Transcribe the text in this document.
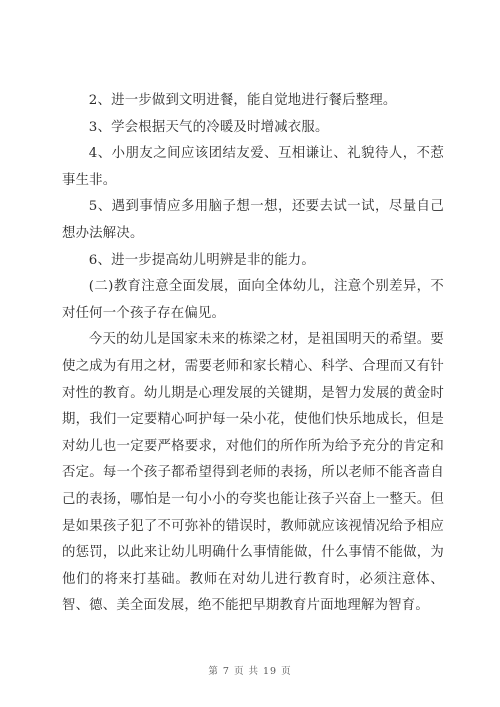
2、进一步做到文明进餐，能自觉地进行餐后整理。

3、学会根据天气的冷暖及时增减衣服。

4、小朋友之间应该团结友爱、互相谦让、礼貌待人，不惹事生非。

5、遇到事情应多用脑子想一想，还要去试一试，尽量自己想办法解决。

6、进一步提高幼儿明辨是非的能力。

(二)教育注意全面发展，面向全体幼儿，注意个别差异，不对任何一个孩子存在偏见。

今天的幼儿是国家未来的栋梁之材，是祖国明天的希望。要使之成为有用之材，需要老师和家长精心、科学、合理而又有针对性的教育。幼儿期是心理发展的关键期，是智力发展的黄金时期，我们一定要精心呵护每一朵小花，使他们快乐地成长，但是对幼儿也一定要严格要求，对他们的所作所为给予充分的肯定和否定。每一个孩子都希望得到老师的表扬，所以老师不能吝啬自己的表扬，哪怕是一句小小的夸奖也能让孩子兴奋上一整天。但是如果孩子犯了不可弥补的错误时，教师就应该视情况给予相应的惩罚，以此来让幼儿明确什么事情能做，什么事情不能做，为他们的将来打基础。教师在对幼儿进行教育时，必须注意体、智、德、美全面发展，绝不能把早期教育片面地理解为智育。

第 7 页 共 19 页
